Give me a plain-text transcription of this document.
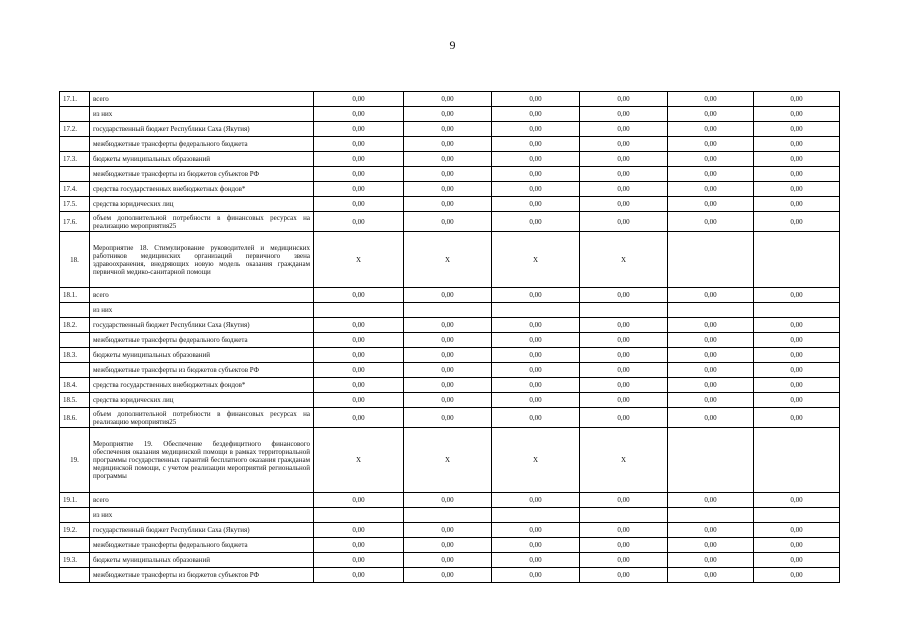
9
17.1.	всего	0,00	0,00	0,00	0,00	0,00	0,00
	из них	0,00	0,00	0,00	0,00	0,00	0,00
17.2.	государственный бюджет Республики Саха (Якутия)	0,00	0,00	0,00	0,00	0,00	0,00
	межбюджетные трансферты федерального бюджета	0,00	0,00	0,00	0,00	0,00	0,00
17.3.	бюджеты муниципальных образований	0,00	0,00	0,00	0,00	0,00	0,00
	межбюджетные трансферты из бюджетов субъектов РФ	0,00	0,00	0,00	0,00	0,00	0,00
17.4.	средства государственных внебюджетных фондов*	0,00	0,00	0,00	0,00	0,00	0,00
17.5.	средства юридических лиц	0,00	0,00	0,00	0,00	0,00	0,00
17.6.	объем дополнительной потребности в финансовых ресурсах на реализацию мероприятия25	0,00	0,00	0,00	0,00	0,00	0,00
18.	Мероприятие 18. Стимулирование руководителей и медицинских работников медицинских организаций первичного звена здравоохранения, внедряющих новую модель оказания гражданам первичной медико-санитарной помощи	Х	Х	Х	Х		
18.1.	всего	0,00	0,00	0,00	0,00	0,00	0,00
	из них						
18.2.	государственный бюджет Республики Саха (Якутия)	0,00	0,00	0,00	0,00	0,00	0,00
	межбюджетные трансферты федерального бюджета	0,00	0,00	0,00	0,00	0,00	0,00
18.3.	бюджеты муниципальных образований	0,00	0,00	0,00	0,00	0,00	0,00
	межбюджетные трансферты из бюджетов субъектов РФ	0,00	0,00	0,00	0,00	0,00	0,00
18.4.	средства государственных внебюджетных фондов*	0,00	0,00	0,00	0,00	0,00	0,00
18.5.	средства юридических лиц	0,00	0,00	0,00	0,00	0,00	0,00
18.6.	объем дополнительной потребности в финансовых ресурсах на реализацию мероприятия25	0,00	0,00	0,00	0,00	0,00	0,00
19.	Мероприятие 19. Обеспечение бездефицитного финансового обеспечения оказания медицинской помощи в рамках территориальной программы государственных гарантий бесплатного оказания гражданам медицинской помощи, с учетом реализации мероприятий региональной программы	Х	Х	Х	Х		
19.1.	всего	0,00	0,00	0,00	0,00	0,00	0,00
	из них						
19.2.	государственный бюджет Республики Саха (Якутия)	0,00	0,00	0,00	0,00	0,00	0,00
	межбюджетные трансферты федерального бюджета	0,00	0,00	0,00	0,00	0,00	0,00
19.3.	бюджеты муниципальных образований	0,00	0,00	0,00	0,00	0,00	0,00
	межбюджетные трансферты из бюджетов субъектов РФ	0,00	0,00	0,00	0,00	0,00	0,00
